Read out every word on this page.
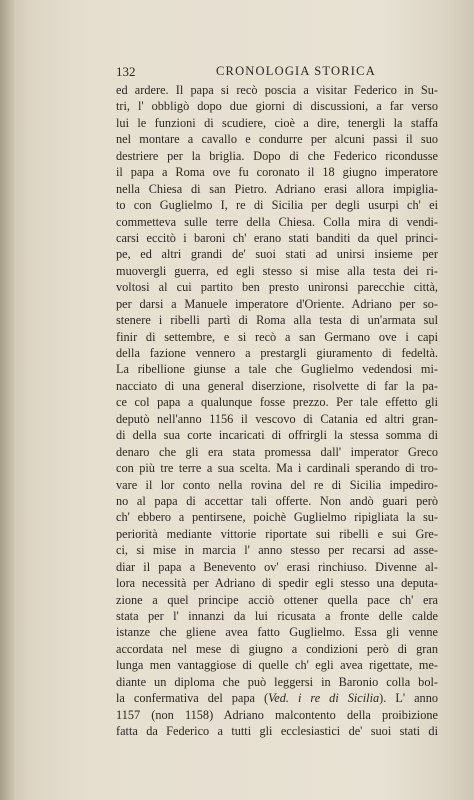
132	CRONOLOGIA STORICA
ed ardere. Il papa si recò poscia a visitar Federico in Su-
tri, l' obbligò dopo due giorni di discussioni, a far verso
lui le funzioni di scudiere, cioè a dire, tenergli la staffa
nel montare a cavallo e condurre per alcuni passi il suo
destriere per la briglia. Dopo di che Federico ricondusse
il papa a Roma ove fu coronato il 18 giugno imperatore
nella Chiesa di san Pietro. Adriano erasi allora impiglia-
to con Guglielmo I, re di Sicilia per degli usurpi ch' ei
commetteva sulle terre della Chiesa. Colla mira di vendi-
carsi eccitò i baroni ch' erano stati banditi da quel princi-
pe, ed altri grandi de' suoi stati ad unirsi insieme per
muovergli guerra, ed egli stesso si mise alla testa dei ri-
voltosi al cui partito ben presto unironsi parecchie città,
per darsi a Manuele imperatore d'Oriente. Adriano per so-
stenere i ribelli partì di Roma alla testa di un'armata sul
finir di settembre, e si recò a san Germano ove i capi
della fazione vennero a prestargli giuramento di fedeltà.
La ribellione giunse a tale che Guglielmo vedendosi mi-
nacciato di una general diserzione, risolvette di far la pa-
ce col papa a qualunque fosse prezzo. Per tale effetto gli
deputò nell'anno 1156 il vescovo di Catania ed altri gran-
di della sua corte incaricati di offrirgli la stessa somma di
denaro che gli era stata promessa dall' imperator Greco
con più tre terre a sua scelta. Ma i cardinali sperando di tro-
vare il lor conto nella rovina del re di Sicilia impediro-
no al papa di accettar tali offerte. Non andò guari però
ch' ebbero a pentirsene, poichè Guglielmo ripigliata la su-
periorità mediante vittorie riportate sui ribelli e sui Gre-
ci, si mise in marcia l' anno stesso per recarsi ad asse-
diar il papa a Benevento ov' erasi rinchiuso. Divenne al-
lora necessità per Adriano di spedir egli stesso una deputa-
zione a quel principe acciò ottener quella pace ch' era
stata per l' innanzi da lui ricusata a fronte delle calde
istanze che gliene avea fatto Guglielmo. Essa gli venne
accordata nel mese di giugno a condizioni però di gran
lunga men vantaggiose di quelle ch' egli avea rigettate, me-
diante un diploma che può leggersi in Baronio colla bol-
la confermativa del papa (Ved. i re di Sicilia). L' anno
1157 (non 1158) Adriano malcontento della proibizione
fatta da Federico a tutti gli ecclesiastici de' suoi stati di
